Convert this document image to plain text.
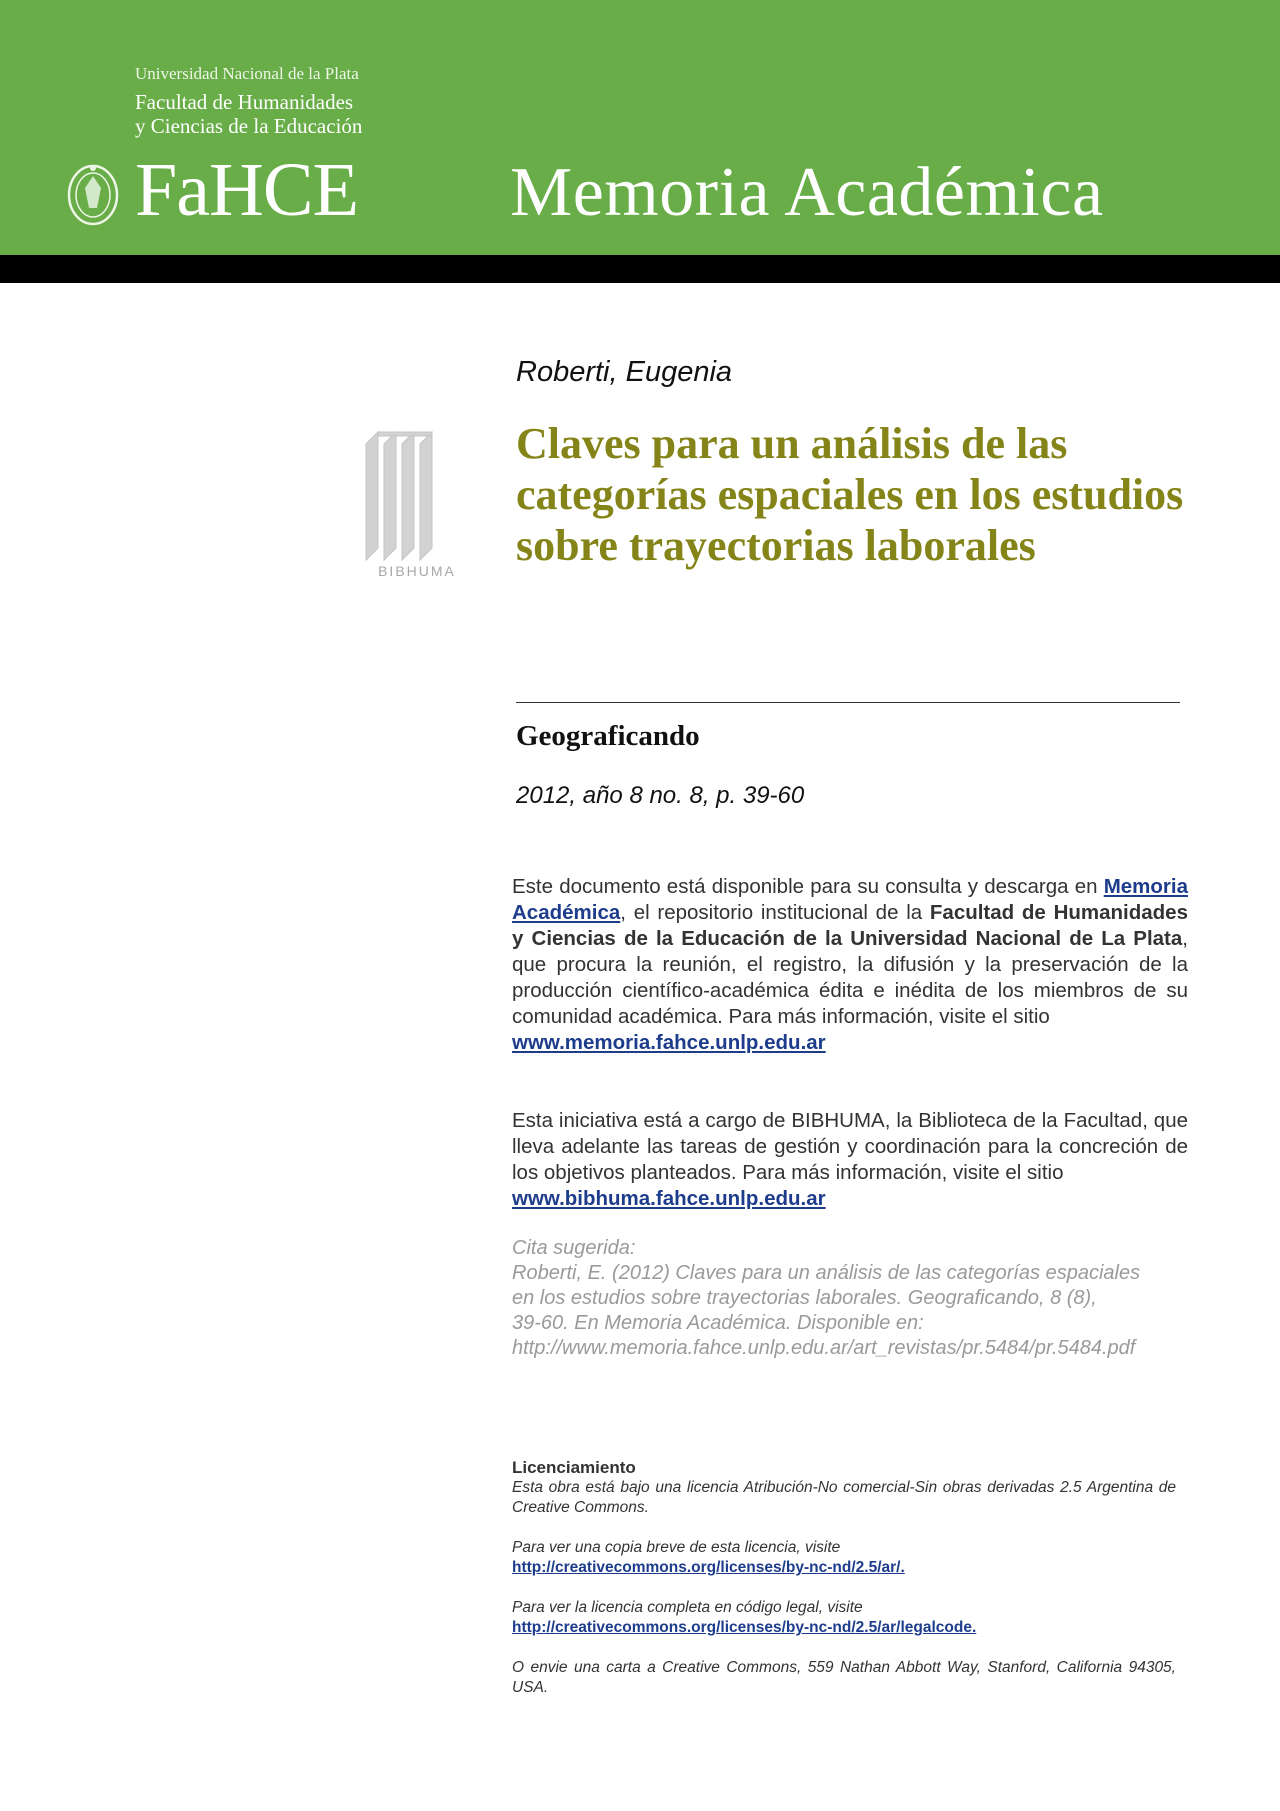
Universidad Nacional de la Plata
Facultad de Humanidades
y Ciencias de la Educación
FaHCE Memoria Académica
BIBHUMA
Roberti, Eugenia
Claves para un análisis de las categorías espaciales en los estudios sobre trayectorias laborales
Geograficando
2012, año 8 no. 8, p. 39-60
Este documento está disponible para su consulta y descarga en Memoria Académica, el repositorio institucional de la Facultad de Humanidades y Ciencias de la Educación de la Universidad Nacional de La Plata, que procura la reunión, el registro, la difusión y la preservación de la producción científico-académica édita e inédita de los miembros de su comunidad académica. Para más información, visite el sitio
www.memoria.fahce.unlp.edu.ar
Esta iniciativa está a cargo de BIBHUMA, la Biblioteca de la Facultad, que lleva adelante las tareas de gestión y coordinación para la concreción de los objetivos planteados. Para más información, visite el sitio
www.bibhuma.fahce.unlp.edu.ar
Cita sugerida:
Roberti, E. (2012) Claves para un análisis de las categorías espaciales
en los estudios sobre trayectorias laborales. Geograficando, 8 (8),
39-60. En Memoria Académica. Disponible en:
http://www.memoria.fahce.unlp.edu.ar/art_revistas/pr.5484/pr.5484.pdf
Licenciamiento
Esta obra está bajo una licencia Atribución-No comercial-Sin obras derivadas 2.5 Argentina de Creative Commons.
Para ver una copia breve de esta licencia, visite
http://creativecommons.org/licenses/by-nc-nd/2.5/ar/.
Para ver la licencia completa en código legal, visite
http://creativecommons.org/licenses/by-nc-nd/2.5/ar/legalcode.
O envie una carta a Creative Commons, 559 Nathan Abbott Way, Stanford, California 94305, USA.
